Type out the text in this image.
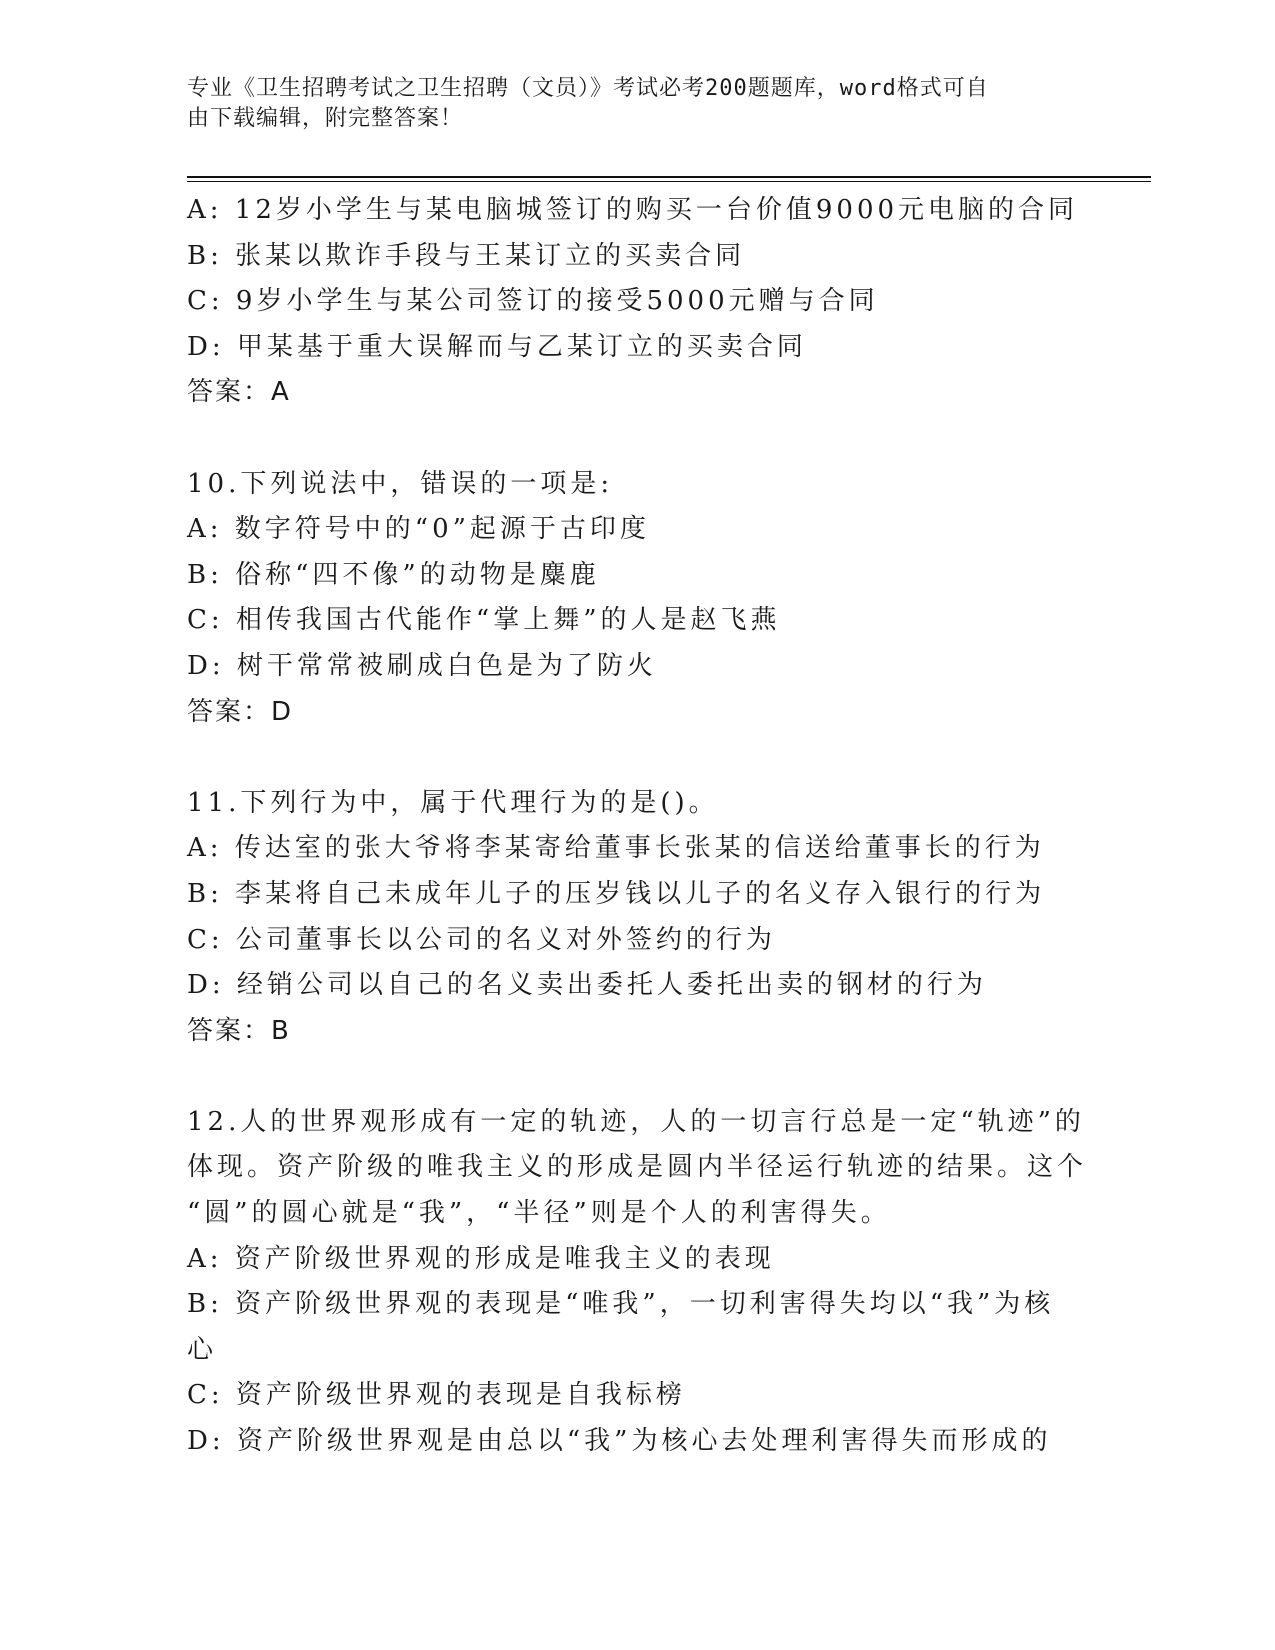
专业《卫生招聘考试之卫生招聘（文员）》考试必考200题题库，word格式可自
由下载编辑，附完整答案！
A: 12岁小学生与某电脑城签订的购买一台价值9000元电脑的合同
B: 张某以欺诈手段与王某订立的买卖合同
C: 9岁小学生与某公司签订的接受5000元赠与合同
D: 甲某基于重大误解而与乙某订立的买卖合同
答案：A
10.下列说法中，错误的一项是:
A: 数字符号中的“0”起源于古印度
B: 俗称“四不像”的动物是麋鹿
C: 相传我国古代能作“掌上舞”的人是赵飞燕
D: 树干常常被刷成白色是为了防火
答案：D
11.下列行为中，属于代理行为的是()。
A: 传达室的张大爷将李某寄给董事长张某的信送给董事长的行为
B: 李某将自己未成年儿子的压岁钱以儿子的名义存入银行的行为
C: 公司董事长以公司的名义对外签约的行为
D: 经销公司以自己的名义卖出委托人委托出卖的钢材的行为
答案：B
12.人的世界观形成有一定的轨迹，人的一切言行总是一定“轨迹”的
体现。资产阶级的唯我主义的形成是圆内半径运行轨迹的结果。这个
“圆”的圆心就是“我”，“半径”则是个人的利害得失。
A: 资产阶级世界观的形成是唯我主义的表现
B: 资产阶级世界观的表现是“唯我”，一切利害得失均以“我”为核
心
C: 资产阶级世界观的表现是自我标榜
D: 资产阶级世界观是由总以“我”为核心去处理利害得失而形成的
